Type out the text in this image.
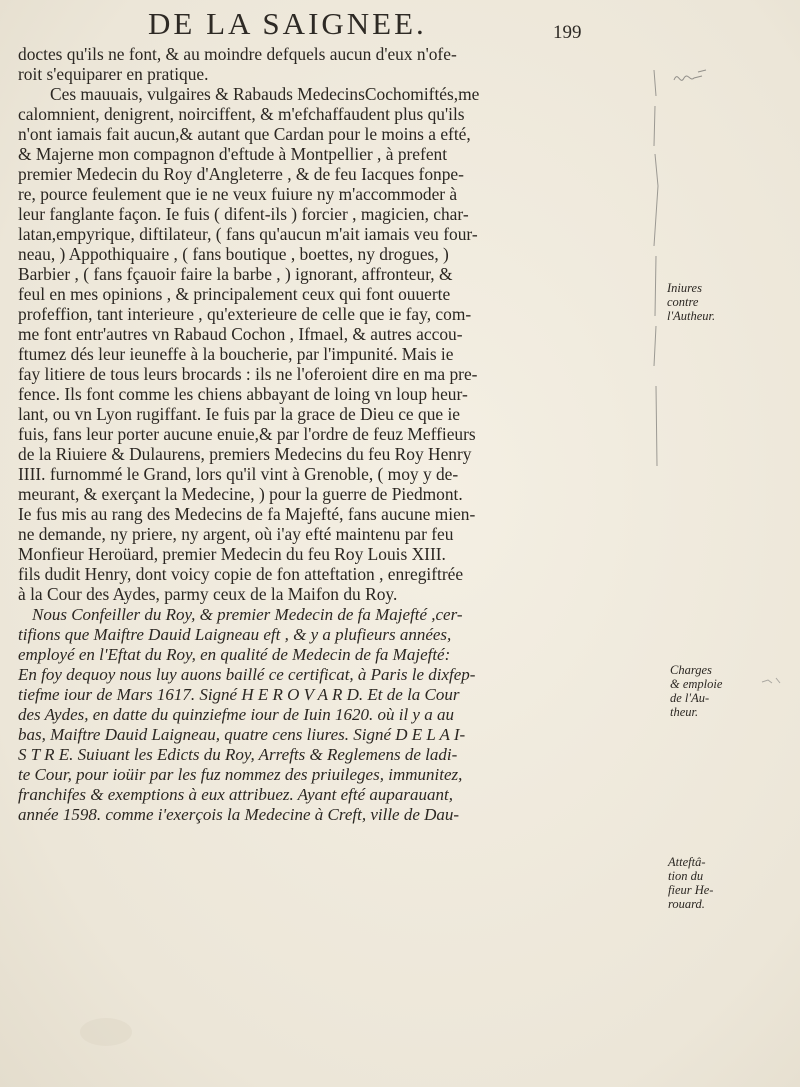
DE LA SAIGNEE.	199
doctes qu'ils ne font, & au moindre defquels aucun d'eux n'ofe-
roit s'equiparer en pratique.
Ces mauuais, vulgaires & Rabauds MedecinsCochomiftés,me
calomnient, denigrent, noirciffent, & m'efchaffaudent plus qu'ils
n'ont iamais fait aucun,& autant que Cardan pour le moins a efté,
& Majerne mon compagnon d'eftude à Montpellier , à prefent
premier Medecin du Roy d'Angleterre , & de feu Iacques fonpe-
re, pource feulement que ie ne veux fuiure ny m'accommoder à
leur fanglante façon. Ie fuis ( difent-ils ) forcier , magicien, char-
latan,empyrique, diftilateur, ( fans qu'aucun m'ait iamais veu four-
neau, ) Appothiquaire , ( fans boutique , boettes, ny drogues, )
Barbier , ( fans fçauoir faire la barbe , ) ignorant, affronteur, &
feul en mes opinions , & principalement ceux qui font ouuerte
profeffion, tant interieure , qu'exterieure de celle que ie fay, com-
me font entr'autres vn Rabaud Cochon , Ifmael, & autres accou-
ftumez dés leur ieuneffe à la boucherie, par l'impunité. Mais ie
fay litiere de tous leurs brocards : ils ne l'oferoient dire en ma pre-
fence. Ils font comme les chiens abbayant de loing vn loup heur-
lant, ou vn Lyon rugiffant. Ie fuis par la grace de Dieu ce que ie
fuis, fans leur porter aucune enuie,& par l'ordre de feuz Meffieurs
de la Riuiere & Dulaurens, premiers Medecins du feu Roy Henry
IIII. furnommé le Grand, lors qu'il vint à Grenoble, ( moy y de-
meurant, & exerçant la Medecine, ) pour la guerre de Piedmont.
Ie fus mis au rang des Medecins de fa Majefté, fans aucune mien-
ne demande, ny priere, ny argent, où i'ay efté maintenu par feu
Monfieur Heroüard, premier Medecin du feu Roy Louis XIII.
fils dudit Henry, dont voicy copie de fon atteftation , enregiftrée
à la Cour des Aydes, parmy ceux de la Maifon du Roy.
Nous Confeiller du Roy, & premier Medecin de fa Majefté ,cer-
tifions que Maiftre Dauid Laigneau eft , & y a plufieurs années,
employé en l'Eftat du Roy, en qualité de Medecin de fa Majefté:
En foy dequoy nous luy auons baillé ce certificat, à Paris le dixfep-
tiefme iour de Mars 1617. Signé H E R O V A R D. Et de la Cour
des Aydes, en datte du quinziefme iour de Iuin 1620. où il y a au
bas, Maiftre Dauid Laigneau, quatre cens liures. Signé D E L A I-
S T R E. Suiuant les Edicts du Roy, Arrefts & Reglemens de ladi-
te Cour, pour ioüir par les fuz nommez des priuileges, immunitez,
franchifes & exemptions à eux attribuez. Ayant efté auparauant,
année 1598. comme i'exerçois la Medecine à Creft, ville de Dau-
Iniures
contre
l'Autheur.
Charges
& emploie
de l'Au-
theur.
Atteftâ-
tion du
fieur He-
rouard.
